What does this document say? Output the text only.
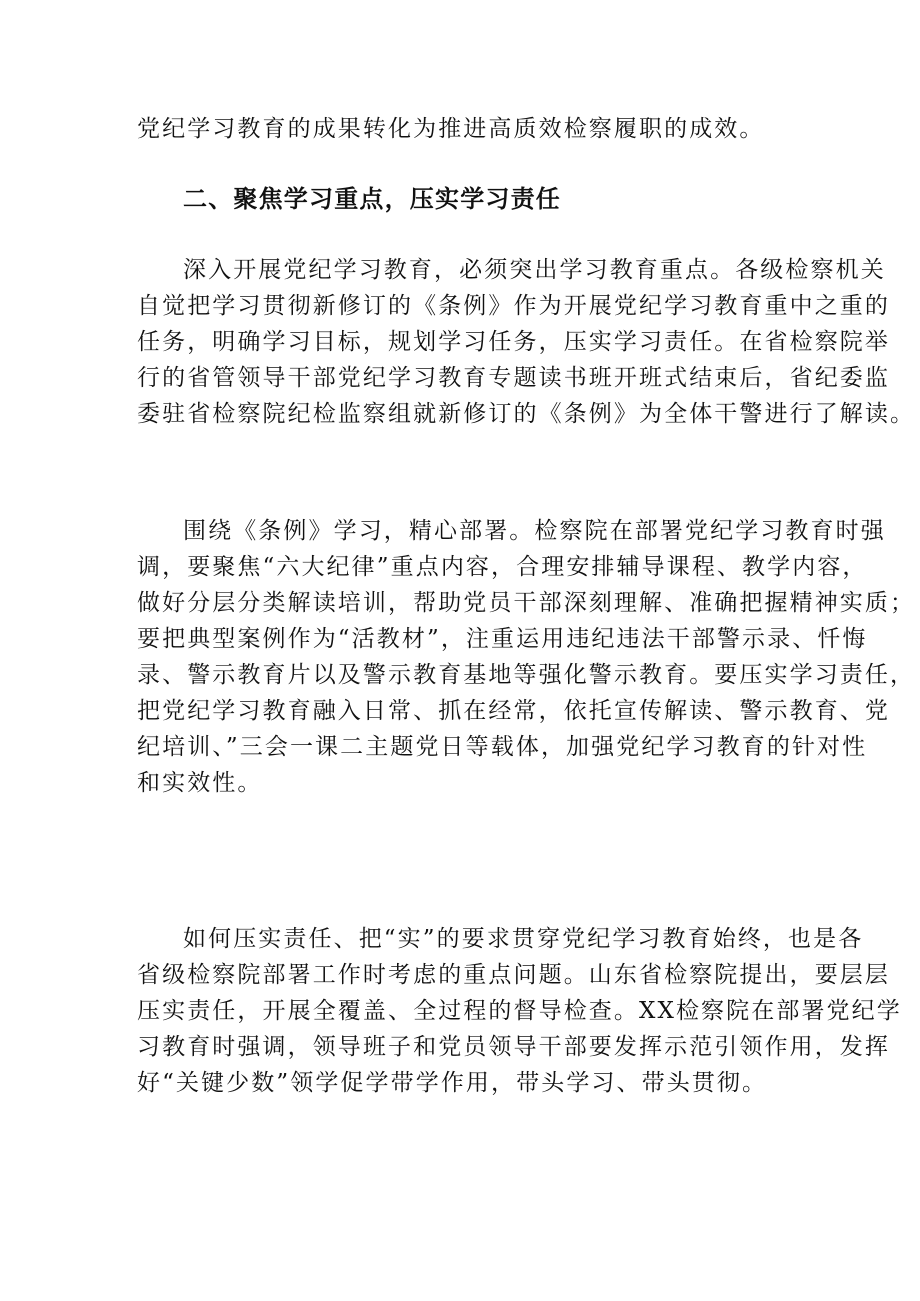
党纪学习教育的成果转化为推进高质效检察履职的成效。

二、聚焦学习重点，压实学习责任

深入开展党纪学习教育，必须突出学习教育重点。各级检察机关
自觉把学习贯彻新修订的《条例》作为开展党纪学习教育重中之重的
任务，明确学习目标，规划学习任务，压实学习责任。在省检察院举
行的省管领导干部党纪学习教育专题读书班开班式结束后，省纪委监
委驻省检察院纪检监察组就新修订的《条例》为全体干警进行了解读。

围绕《条例》学习，精心部署。检察院在部署党纪学习教育时强
调，要聚焦“六大纪律”重点内容，合理安排辅导课程、教学内容，
做好分层分类解读培训，帮助党员干部深刻理解、准确把握精神实质；
要把典型案例作为“活教材”，注重运用违纪违法干部警示录、忏悔
录、警示教育片以及警示教育基地等强化警示教育。要压实学习责任，
把党纪学习教育融入日常、抓在经常，依托宣传解读、警示教育、党
纪培训、”三会一课二主题党日等载体，加强党纪学习教育的针对性
和实效性。

如何压实责任、把“实”的要求贯穿党纪学习教育始终，也是各
省级检察院部署工作时考虑的重点问题。山东省检察院提出，要层层
压实责任，开展全覆盖、全过程的督导检查。XX检察院在部署党纪学
习教育时强调，领导班子和党员领导干部要发挥示范引领作用，发挥
好“关键少数”领学促学带学作用，带头学习、带头贯彻。
